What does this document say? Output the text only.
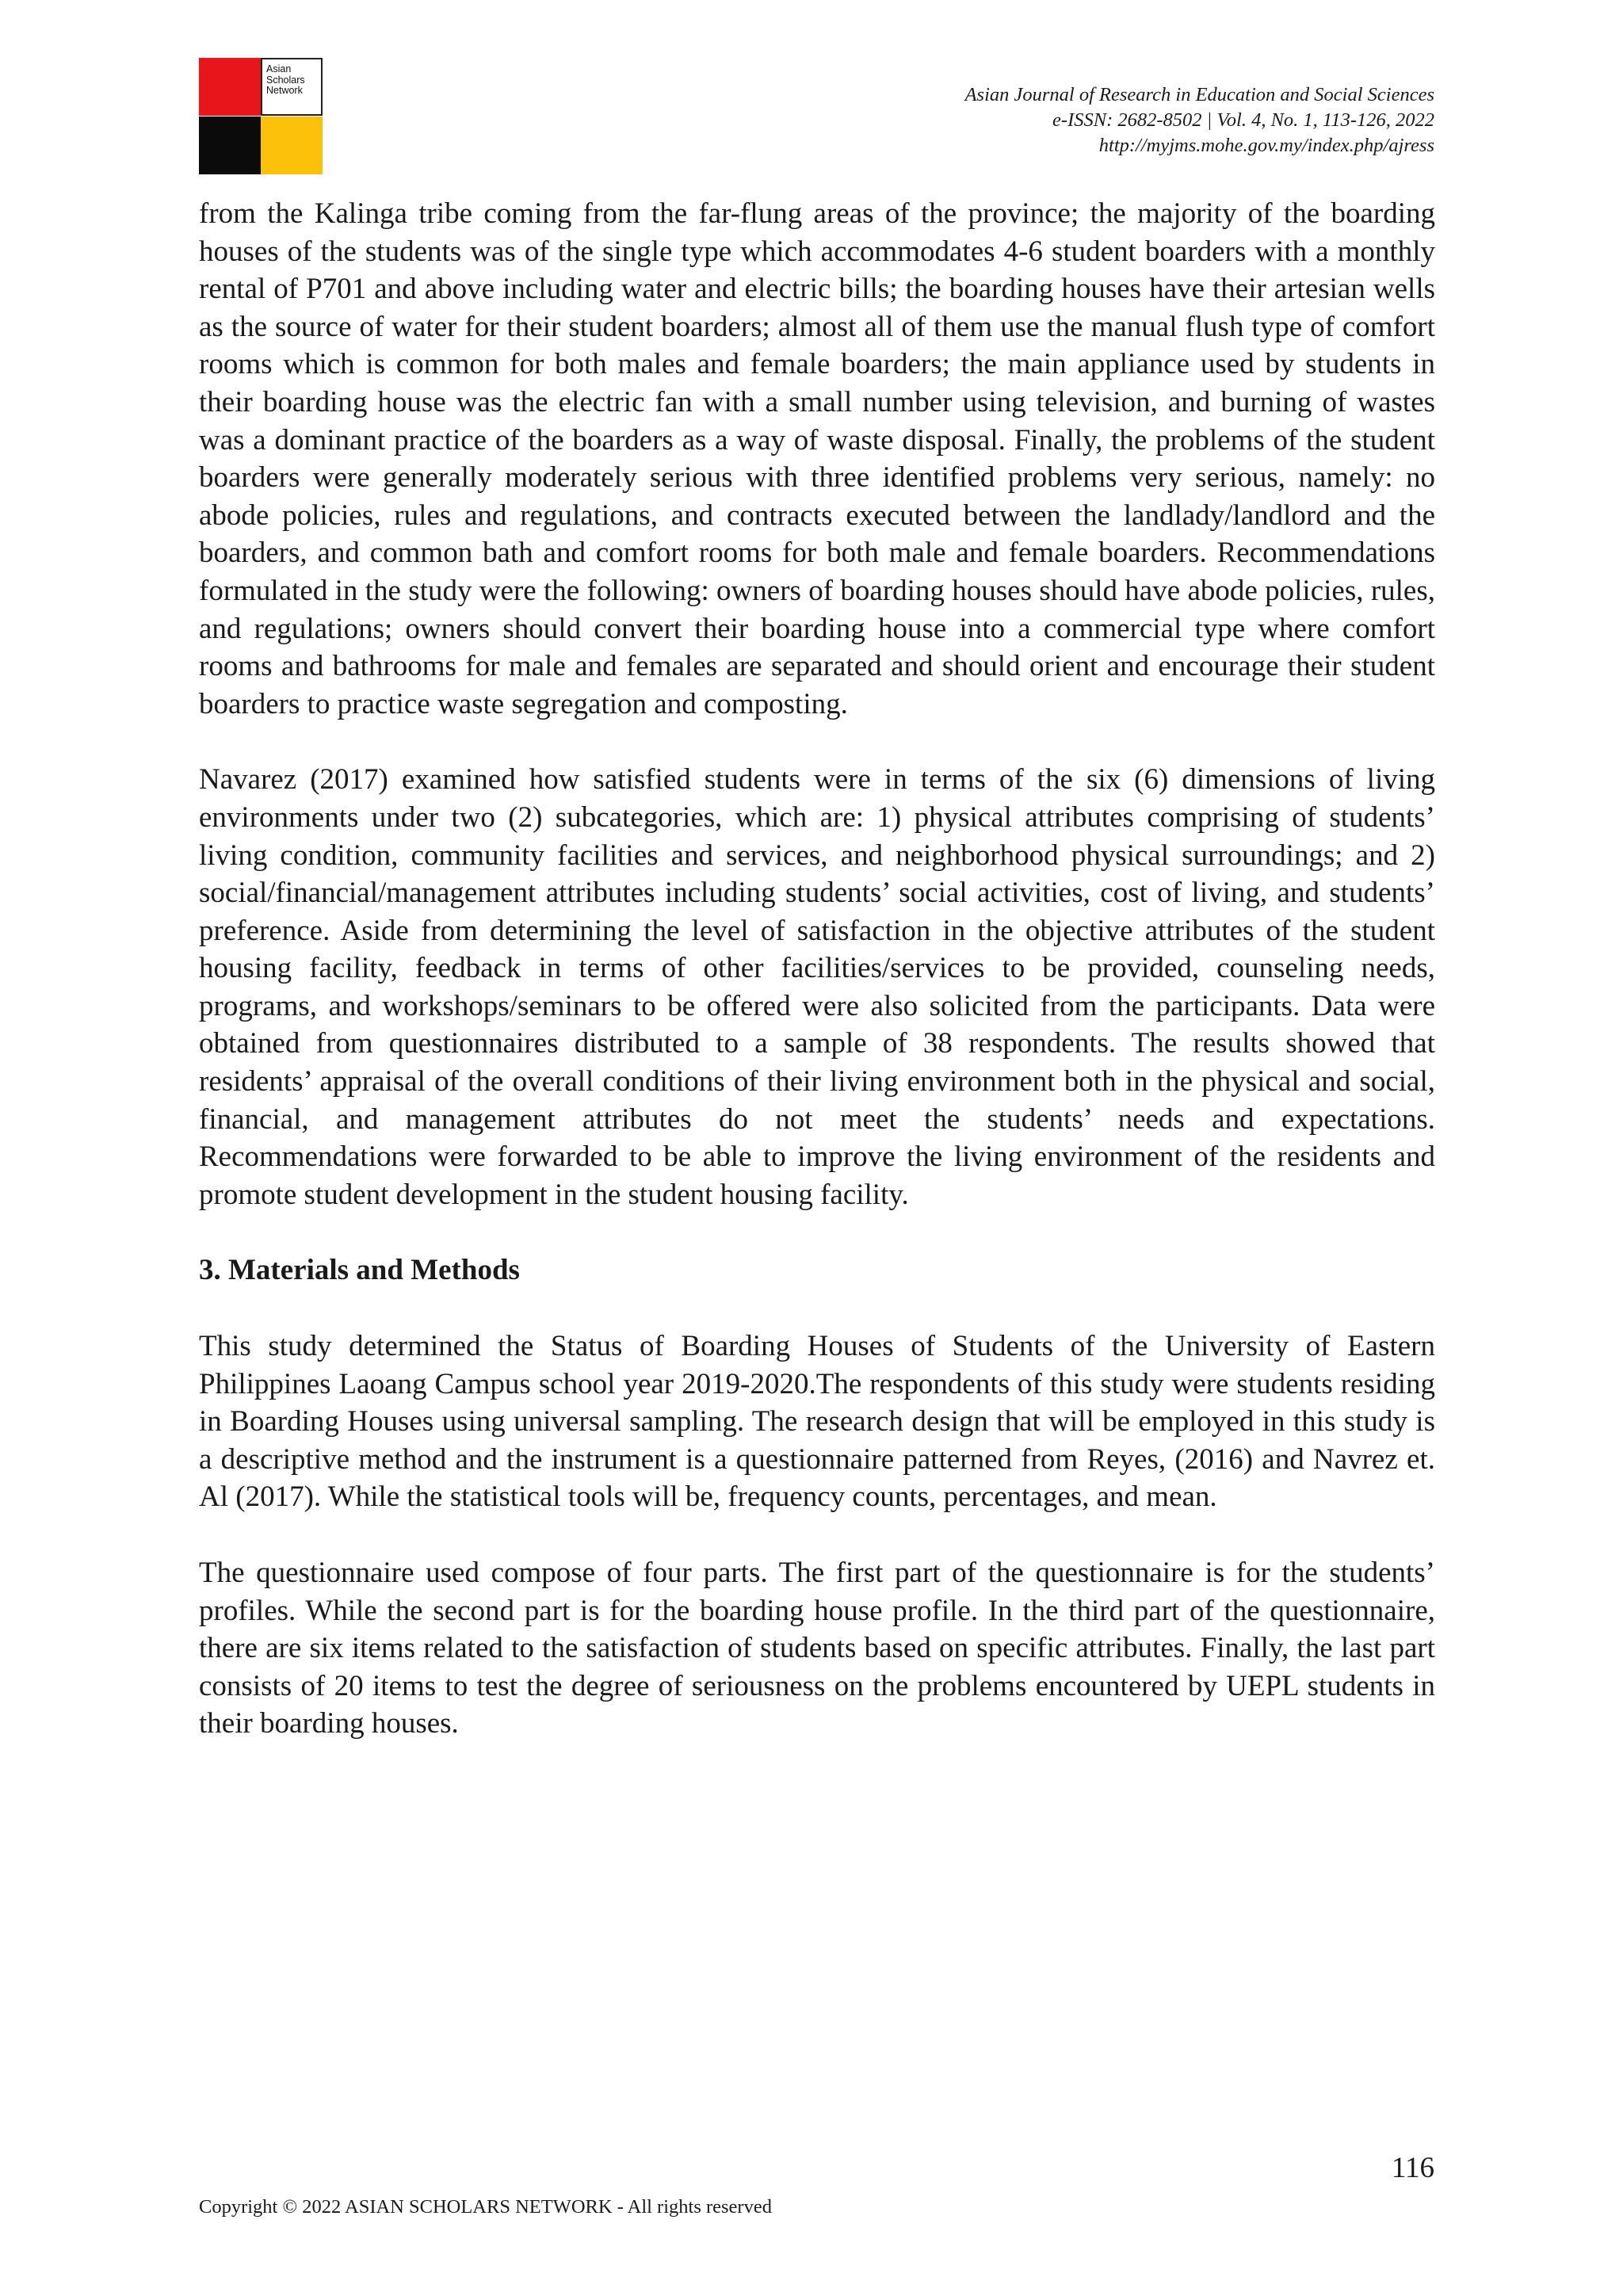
Asian
Scholars
Network	Asian Journal of Research in Education and Social Sciences
e-ISSN: 2682-8502 | Vol. 4, No. 1, 113-126, 2022
http://myjms.mohe.gov.my/index.php/ajress

from the Kalinga tribe coming from the far-flung areas of the province; the majority of the boarding houses of the students was of the single type which accommodates 4-6 student boarders with a monthly rental of P701 and above including water and electric bills; the boarding houses have their artesian wells as the source of water for their student boarders; almost all of them use the manual flush type of comfort rooms which is common for both males and female boarders; the main appliance used by students in their boarding house was the electric fan with a small number using television, and burning of wastes was a dominant practice of the boarders as a way of waste disposal. Finally, the problems of the student boarders were generally moderately serious with three identified problems very serious, namely: no abode policies, rules and regulations, and contracts executed between the landlady/landlord and the boarders, and common bath and comfort rooms for both male and female boarders. Recommendations formulated in the study were the following: owners of boarding houses should have abode policies, rules, and regulations; owners should convert their boarding house into a commercial type where comfort rooms and bathrooms for male and females are separated and should orient and encourage their student boarders to practice waste segregation and composting.

Navarez (2017) examined how satisfied students were in terms of the six (6) dimensions of living environments under two (2) subcategories, which are: 1) physical attributes comprising of students’ living condition, community facilities and services, and neighborhood physical surroundings; and 2) social/financial/management attributes including students’ social activities, cost of living, and students’ preference. Aside from determining the level of satisfaction in the objective attributes of the student housing facility, feedback in terms of other facilities/services to be provided, counseling needs, programs, and workshops/seminars to be offered were also solicited from the participants. Data were obtained from questionnaires distributed to a sample of 38 respondents. The results showed that residents’ appraisal of the overall conditions of their living environment both in the physical and social, financial, and management attributes do not meet the students’ needs and expectations. Recommendations were forwarded to be able to improve the living environment of the residents and promote student development in the student housing facility.

3. Materials and Methods

This study determined the Status of Boarding Houses of Students of the University of Eastern Philippines Laoang Campus school year 2019-2020.The respondents of this study were students residing in Boarding Houses using universal sampling. The research design that will be employed in this study is a descriptive method and the instrument is a questionnaire patterned from Reyes, (2016) and Navrez et. Al (2017). While the statistical tools will be, frequency counts, percentages, and mean.

The questionnaire used compose of four parts. The first part of the questionnaire is for the students’ profiles. While the second part is for the boarding house profile. In the third part of the questionnaire, there are six items related to the satisfaction of students based on specific attributes. Finally, the last part consists of 20 items to test the degree of seriousness on the problems encountered by UEPL students in their boarding houses.

116
Copyright © 2022 ASIAN SCHOLARS NETWORK - All rights reserved
